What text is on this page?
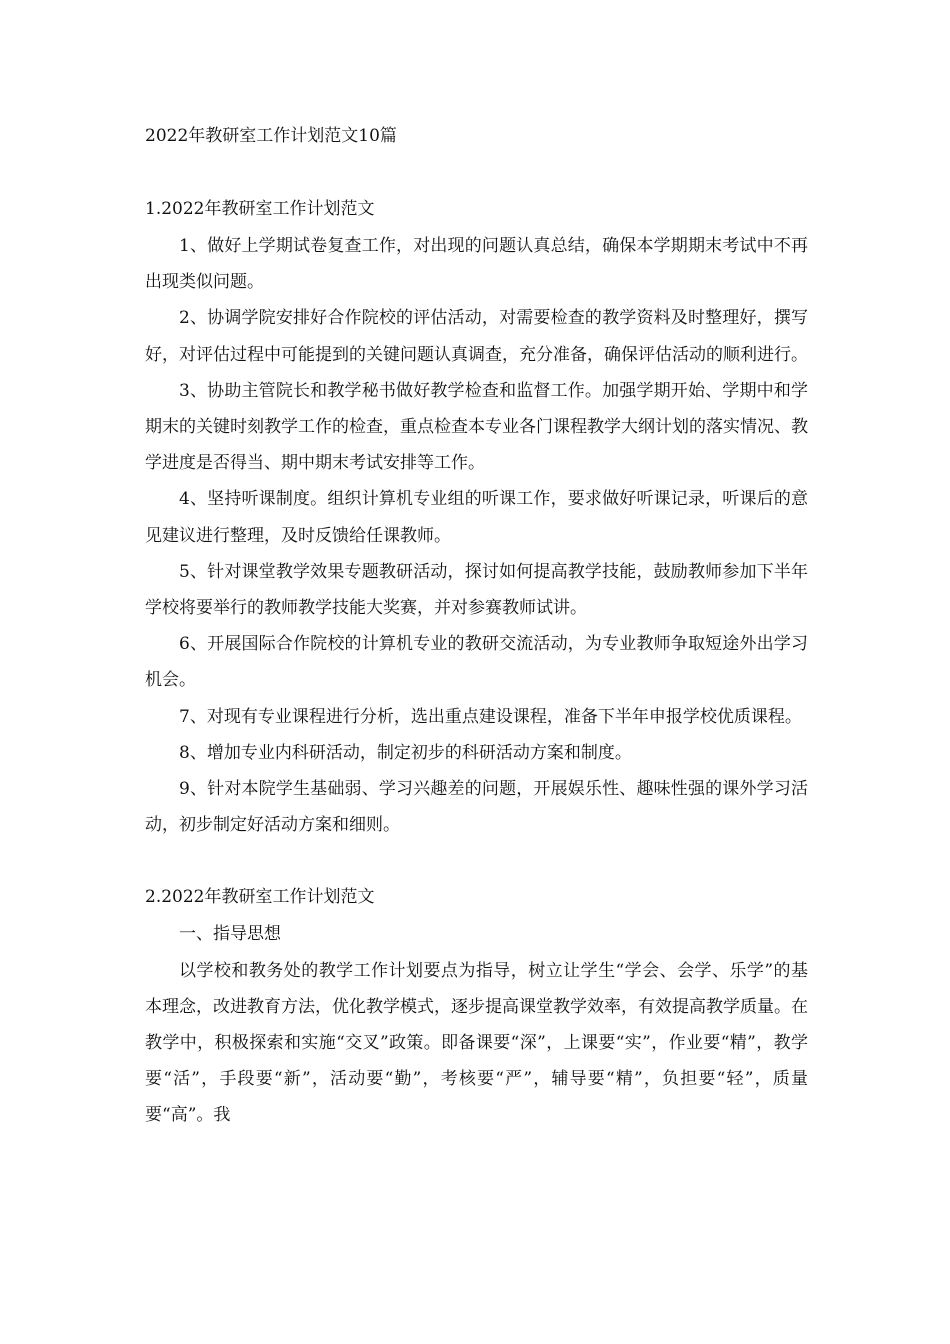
2022年教研室工作计划范文10篇
1.2022年教研室工作计划范文

1、做好上学期试卷复查工作，对出现的问题认真总结，确保本学期期末考试中不再出现类似问题。

2、协调学院安排好合作院校的评估活动，对需要检查的教学资料及时整理好，撰写好，对评估过程中可能提到的关键问题认真调查，充分准备，确保评估活动的顺利进行。

3、协助主管院长和教学秘书做好教学检查和监督工作。加强学期开始、学期中和学期末的关键时刻教学工作的检查，重点检查本专业各门课程教学大纲计划的落实情况、教学进度是否得当、期中期末考试安排等工作。

4、坚持听课制度。组织计算机专业组的听课工作，要求做好听课记录，听课后的意见建议进行整理，及时反馈给任课教师。

5、针对课堂教学效果专题教研活动，探讨如何提高教学技能，鼓励教师参加下半年学校将要举行的教师教学技能大奖赛，并对参赛教师试讲。

6、开展国际合作院校的计算机专业的教研交流活动，为专业教师争取短途外出学习机会。

7、对现有专业课程进行分析，选出重点建设课程，准备下半年申报学校优质课程。

8、增加专业内科研活动，制定初步的科研活动方案和制度。

9、针对本院学生基础弱、学习兴趣差的问题，开展娱乐性、趣味性强的课外学习活动，初步制定好活动方案和细则。

2.2022年教研室工作计划范文

一、指导思想

以学校和教务处的教学工作计划要点为指导，树立让学生“学会、会学、乐学”的基本理念，改进教育方法，优化教学模式，逐步提高课堂教学效率，有效提高教学质量。在教学中，积极探索和实施“交叉”政策。即备课要“深”，上课要“实”，作业要“精”，教学要“活”，手段要“新”，活动要“勤”，考核要“严”，辅导要“精”，负担要“轻”，质量要“高”。我
